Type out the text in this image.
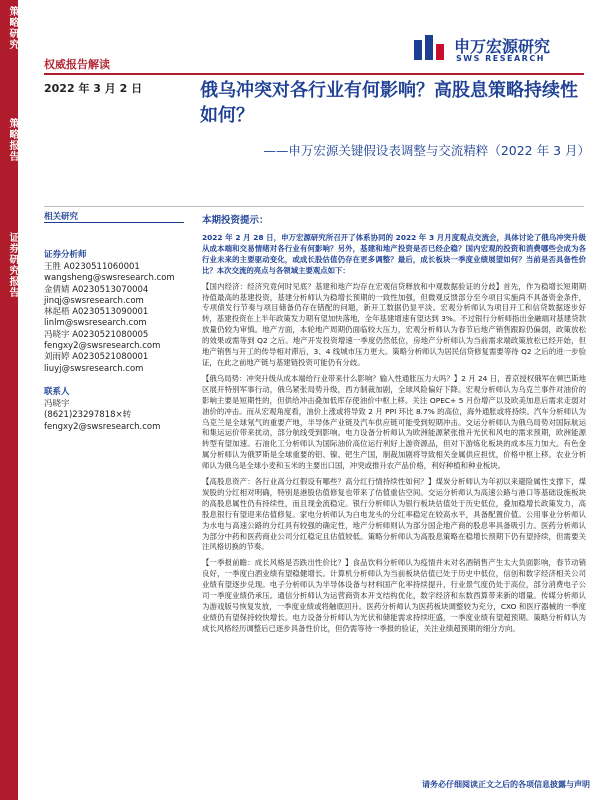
策略研究
策略报告
证券研究报告
权威报告解读
2022 年 3 月 2 日
申万宏源研究
SWS RESEARCH
俄乌冲突对各行业有何影响？高股息策略持续性如何？
——申万宏源关键假设表调整与交流精粹（2022 年 3 月）
相关研究
证券分析师
王胜 A0230511060001
wangsheng@swsresearch.com
金倩婧 A0230513070004
jinqj@swsresearch.com
林起梧 A0230513090001
linlm@swsresearch.com
冯晓宇 A0230521080005
fengxy2@swsresearch.com
刘雨婷 A0230521080001
liuyj@swsresearch.com
联系人
冯晓宇
(8621)23297818×转
fengxy2@swsresearch.com
本期投资提示：

2022 年 2 月 28 日，申万宏源研究所召开了体系协同的 2022 年 3 月月度观点交流会，具体讨论了俄乌冲突升级从成本端和交易情绪对各行业有何影响？另外，基建和地产投资是否已经企稳？国内宏观的投资和消费哪些会成为各行业未来的主要驱动变化，或成长股估值仍存在更多调整？最后，成长板块一季度业绩展望如何？当前是否具备性价比？本次交流的亮点与各领域主要观点如下：

【国内经济：经济究竟何时见底？基建和地产均存在宏观信贷释放和中观数据验证的分歧】首先，作为稳增长短期期待值最高的基建投资，基建分析师认为稳增长预期的一致性加强，但微观反馈部分至今项目实施尚不具备资金条件，专项债发行节奏与项目储备仍存在错配的问题，新开工数据仍显平淡。宏观分析师认为项目开工和信贷数据逐步好转，基建投资在上半年政策发力期有望加快落地，全年基建增速有望达到 3%。不过银行分析师指出金融端对基建贷款放量仍较为审慎。地产方面，本轮地产周期仍面临较大压力，宏观分析师认为春节后地产销售跟踪仍偏弱，政策放松的效果或需等到 Q2 之后。地产开发投资增速一季度仍然低位，房地产分析师认为当前需求端政策放松已经开始，但地产销售与开工的传导相对滞后，3、4 线城市压力更大。策略分析师认为居民信贷修复需要等待 Q2 之后的进一步验证，在此之前地产链与基建链投资可能仍有分歧。

【俄乌局势：冲突升级从成本端给行业带来什么影响？输入性通胀压力大吗？】2 月 24 日，普京授权俄军在顿巴斯地区展开特别军事行动，俄乌紧张局势升级，西方制裁加剧，全球风险偏好下降。宏观分析师认为乌克兰事件对油价的影响主要是短期性的，但供给冲击叠加低库存使油价中枢上移。关注 OPEC+ 5 月份增产以及欧美加息后需求走弱对油价的冲击。而从宏观角度看，油价上涨或将导致 2 月 PPI 环比 8.7% 的高位，海外通胀或将持续。汽车分析师认为乌克兰是全球氖气的重要产地，半导体产业链及汽车供应链可能受到短期冲击。交运分析师认为俄乌局势对国际航运和集运运价带来扰动，部分航线受到影响。电力设备分析师认为欧洲能源紧张推升光伏和风电的需求预期，欧洲能源转型有望加速。石油化工分析师认为国际油价高位运行利好上游资源品，但对下游炼化板块的成本压力加大。有色金属分析师认为俄罗斯是全球重要的铝、镍、钯生产国，制裁加剧将导致相关金属供应担忧，价格中枢上移。农业分析师认为俄乌是全球小麦和玉米的主要出口国，冲突或推升农产品价格，利好种植和种业板块。

【高股息资产：各行业高分红假设有哪些？高分红行情持续性如何？】煤炭分析师认为年初以来避险属性支撑下，煤炭股的分红相对明确，特别是港股估值修复也带来了估值重估空间。交运分析师认为高速公路与港口等基础设施板块的高股息属性仍有持续性，而且现金流稳定。银行分析师认为银行板块估值处于历史低位，叠加稳增长政策发力，高股息银行有望迎来估值修复。家电分析师认为白电龙头的分红率稳定在较高水平，具备配置价值。公用事业分析师认为水电与高速公路的分红具有较强的确定性，地产分析师则认为部分国企地产商的股息率具备吸引力。医药分析师认为部分中药和医药商业公司分红稳定且估值较低。策略分析师认为高股息策略在稳增长预期下仍有望持续，但需要关注风格切换的节奏。

【一季报前瞻：成长风格是否跌出性价比？】食品饮料分析师认为疫情并未对名酒销售产生太大负面影响，春节动销良好，一季度白酒业绩有望稳健增长。计算机分析师认为当前板块估值已处于历史中低位，信创和数字经济相关公司业绩有望逐步兑现。电子分析师认为半导体设备与材料国产化率持续提升，行业景气度仍处于高位，部分消费电子公司一季度业绩仍承压。通信分析师认为运营商资本开支结构优化，数字经济和东数西算带来新的增量。传媒分析师认为游戏版号恢复发放，一季度业绩或将触底回升。医药分析师认为医药板块调整较为充分，CXO 和医疗器械的一季度业绩仍有望保持较快增长。电力设备分析师认为光伏和储能需求持续旺盛，一季度业绩有望超预期。策略分析师认为成长风格经历调整后已逐步具备性价比，但仍需等待一季报的验证，关注业绩超预期的细分方向。

请务必仔细阅读正文之后的各项信息披露与声明
